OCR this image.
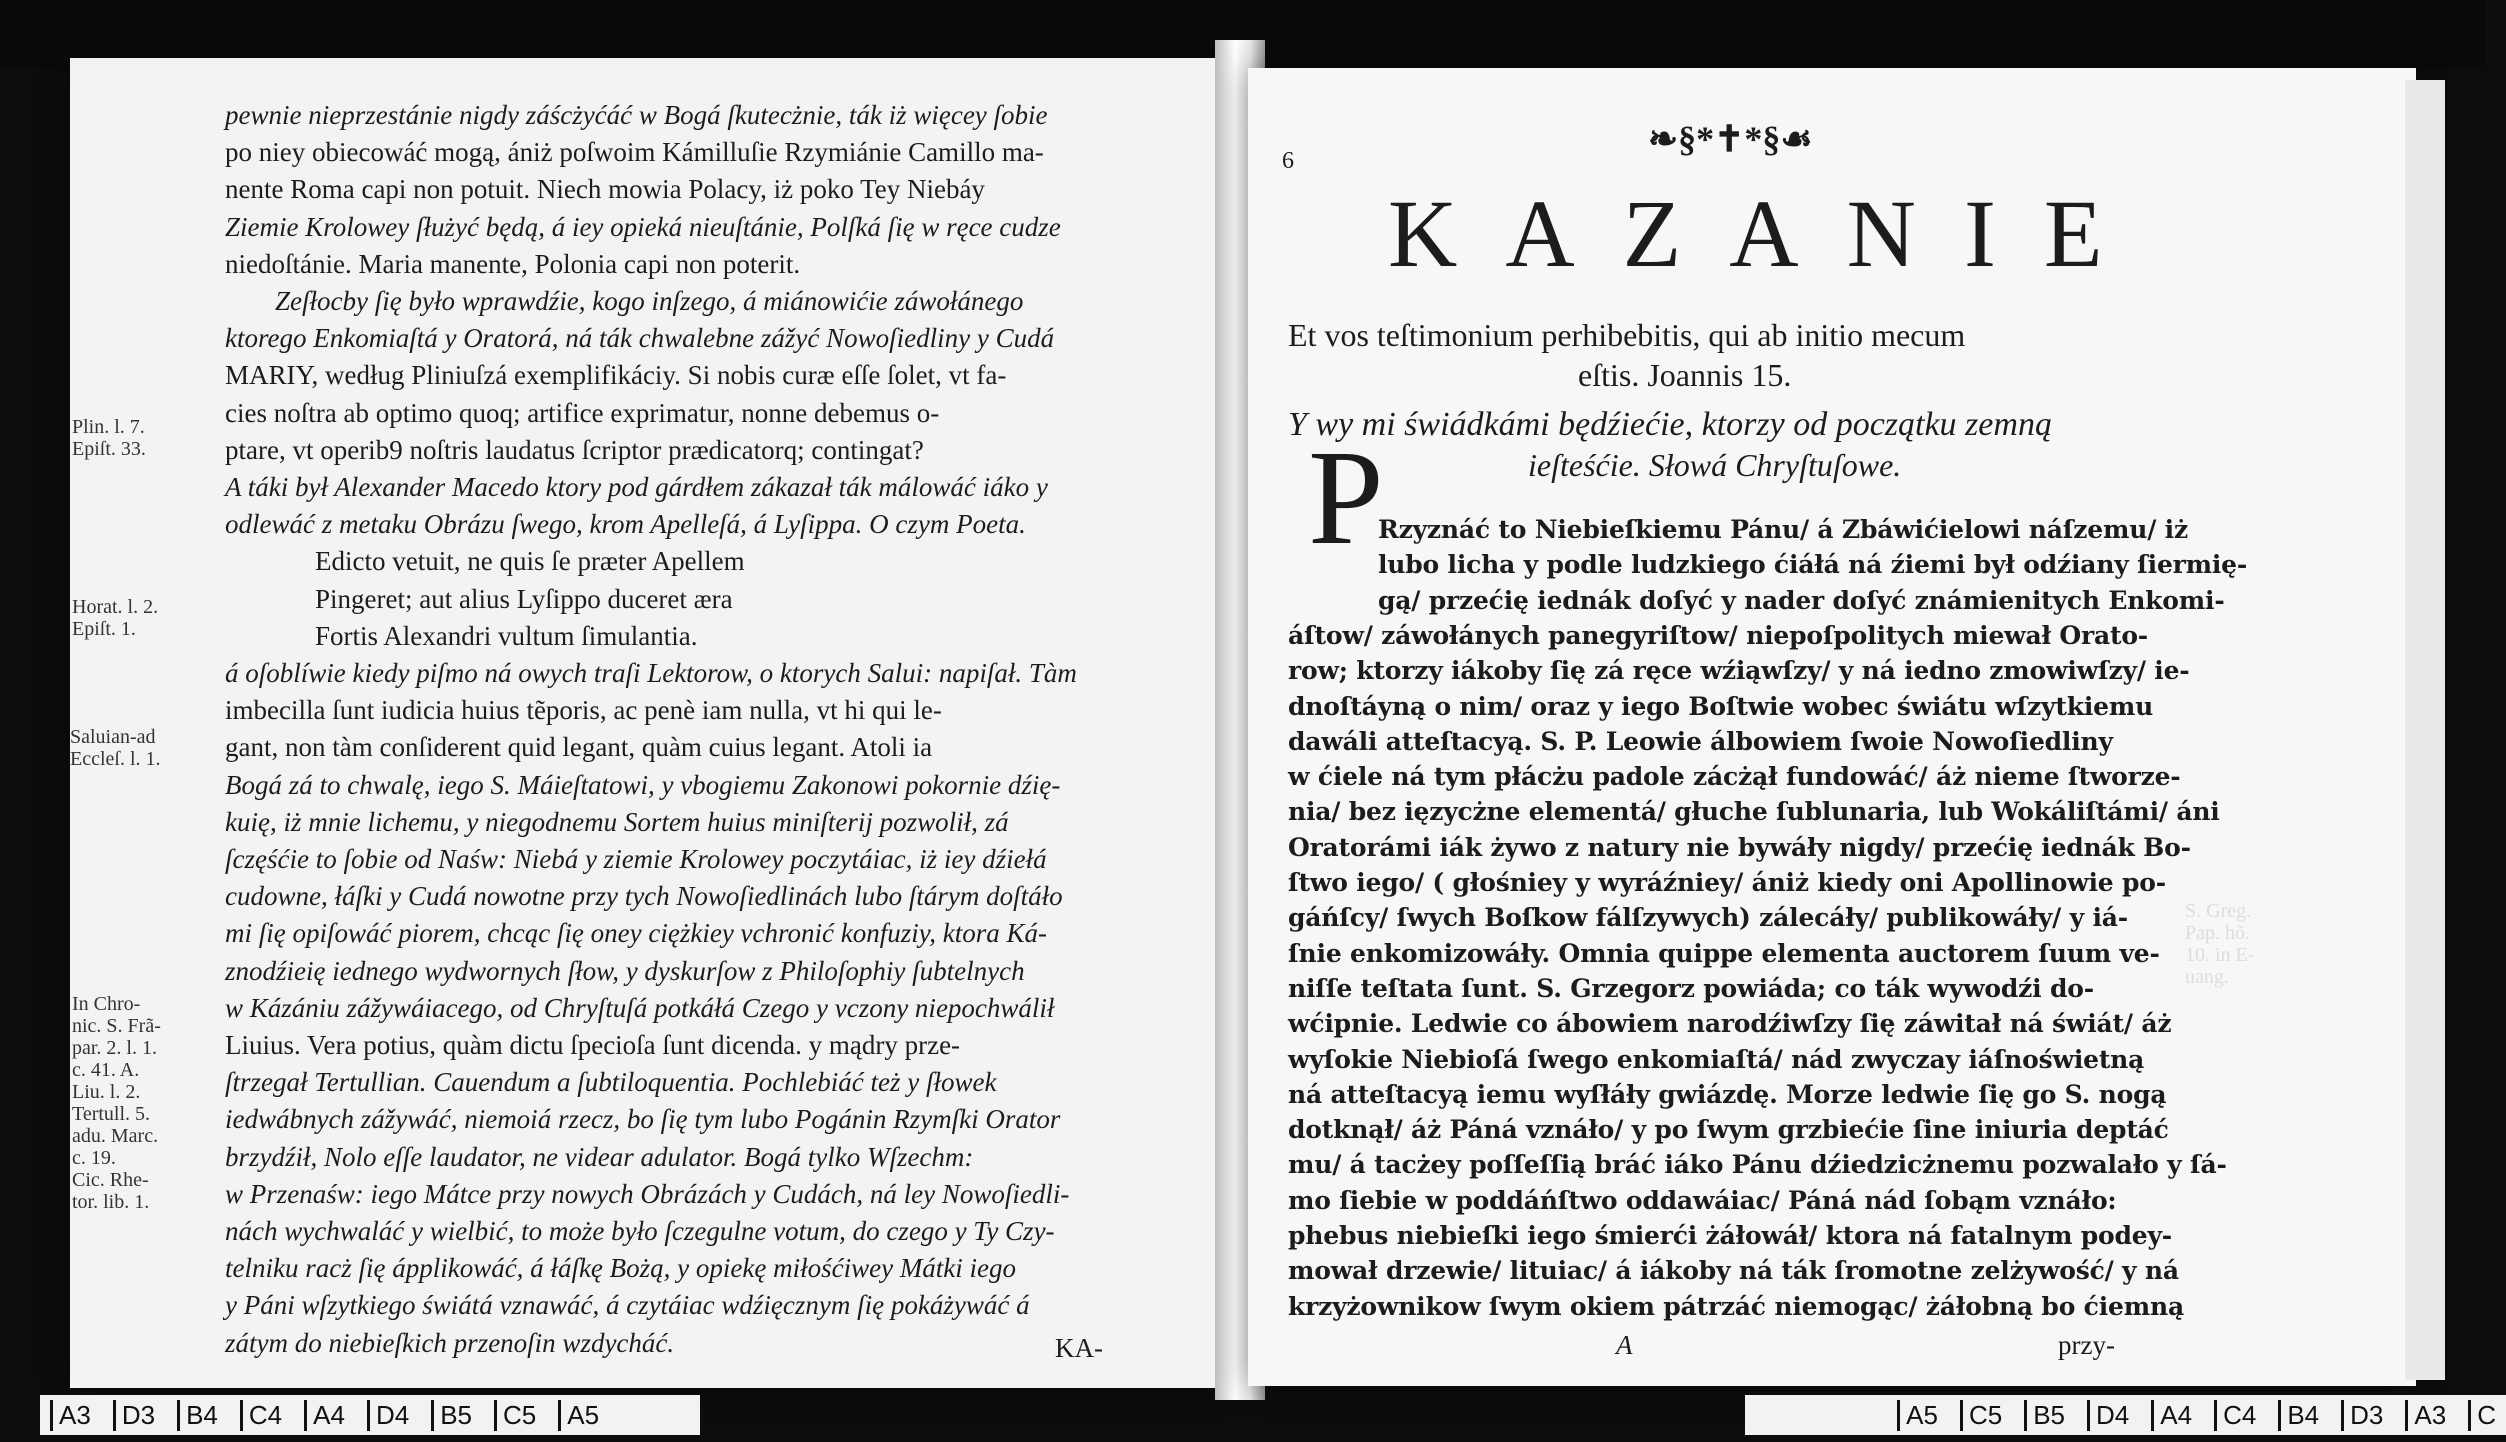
pewnie nieprzestánie nigdy záścżyćáć w Bogá ſkutecżnie, ták iż więcey ſobie
po niey obiecowáć mogą, ániż poſwoim Kámilluſie Rzymiánie Camillo ma-
nente Roma capi non potuit. Niech mowia Polacy, iż poko Tey Niebáy
Ziemie Krolowey ſłużyć będą, á iey opieká nieuſtánie, Polſká ſię w ręce cudze
niedoſtánie. Maria manente, Polonia capi non poterit.
Zeſłocby ſię było wprawdźie, kogo inſzego, á miánowićie záwołánego
ktorego Enkomiaſtá y Oratorá, ná ták chwalebne zážyć Nowoſiedliny y Cudá
MARIY, według Pliniuſzá exemplifikáciy. Si nobis curæ eſſe ſolet, vt fa-
cies noſtra ab optimo quoq; artifice exprimatur, nonne debemus o-
ptare, vt operib9 noſtris laudatus ſcriptor prædicatorq; contingat?
A táki był Alexander Macedo ktory pod gárdłem zákazał ták málowáć iáko y
odlewáć z metaku Obrázu ſwego, krom Apelleſá, á Lyſippa. O czym Poeta.
Edicto vetuit, ne quis ſe præter Apellem
Pingeret; aut alius Lyſippo duceret æra
Fortis Alexandri vultum ſimulantia.
á oſoblíwie kiedy piſmo ná owych traſi Lektorow, o ktorych Salui: napiſał. Tàm
imbecilla ſunt iudicia huius tẽporis, ac penè iam nulla, vt hi qui le-
gant, non tàm conſiderent quid legant, quàm cuius legant. Atoli ia
Bogá zá to chwalę, iego S. Máieſtatowi, y vbogiemu Zakonowi pokornie dźię-
kuię, iż mnie lichemu, y niegodnemu Sortem huius miniſterij pozwolił, zá
ſczęśćie to ſobie od Naśw: Niebá y ziemie Krolowey poczytáiac, iż iey dźiełá
cudowne, łáſki y Cudá nowotne przy tych Nowoſiedlinách lubo ſtárym doſtáło
mi ſię opiſowáć piorem, chcąc ſię oney ciężkiey vchronić konfuziy, ktora Ká-
znodźieię iednego wydwornych ſłow, y dyskurſow z Philoſophiy ſubtelnych
w Kázániu zážywáiacego, od Chryſtuſá potkáłá Czego y vczony niepochwálił
Liuius. Vera potius, quàm dictu ſpecioſa ſunt dicenda. y mądry prze-
ſtrzegał Tertullian. Cauendum a ſubtiloquentia. Pochlebiáć też y ſłowek
iedwábnych zážywáć, niemoiá rzecz, bo ſię tym lubo Pogánin Rzymſki Orator
brzydźił, Nolo eſſe laudator, ne videar adulator. Bogá tylko Wſzechm:
w Przenaśw: iego Mátce przy nowych Obrázách y Cudách, ná ley Nowoſiedli-
nách wychwaláć y wielbić, to może było ſczegulne votum, do czego y Ty Czy-
telniku racż ſię ápplikowáć, á łáſkę Bożą, y opiekę miłośćiwey Mátki iego
y Páni wſzytkiego świátá vznawáć, á czytáiac wdźięcznym ſię pokáżywáć á
zátym do niebieſkich przenoſin wzdycháć.
Plin. l. 7.
Epiſt. 33.
Horat. l. 2.
Epiſt. 1.
Saluian-ad
Eccleſ. l. 1.
In Chro-
nic. S. Frã-
par. 2. l. 1.
c. 41. A.
Liu. l. 2.
Tertull. 5.
adu. Marc.
c. 19.
Cic. Rhe-
tor. lib. 1.
KA-
6
❧§*✝*§☙
KAZANIE
Et vos teſtimonium perhibebitis, qui ab initio mecum
eſtis. Joannis 15.
Y wy mi świádkámi będźiećie, ktorzy od początku zemną
ieſteśćie. Słowá Chryſtuſowe.
P
Rzyznáć to Niebieſkiemu Pánu/ á Zbáwićielowi náſzemu/ iż
lubo licha y podle ludzkiego ćiáłá ná źiemi był odźiany ſiermię-
gą/ przećię iednák doſyć y nader doſyć známienitych Enkomi-
áſtow/ záwołánych panegyriſtow/ niepoſpolitych miewał Orato-
row; ktorzy iákoby ſię zá ręce wźiąwſzy/ y ná iedno zmowiwſzy/ ie-
dnoſtáyną o nim/ oraz y iego Boſtwie wobec świátu wſzytkiemu
dawáli atteſtacyą. S. P. Leowie álbowiem ſwoie Nowoſiedliny
w ćiele ná tym płácżu padole zácżął fundowáć/ áż nieme ſtworze-
nia/ bez ięzycżne elementá/ głuche ſublunaria, lub Wokáliſtámi/ áni
Oratorámi iák żywo z natury nie bywáły nigdy/ przećię iednák Bo-
ſtwo iego/ ( głośniey y wyráźniey/ ániż kiedy oni Apollinowie po-
gáńſcy/ ſwych Boſkow fálſzywych) zálecáły/ publikowáły/ y iá-
ſnie enkomizowáły. Omnia quippe elementa auctorem ſuum ve-
niſſe teſtata ſunt. S. Grzegorz powiáda; co ták wywodźi do-
wćipnie. Ledwie co ábowiem narodźiwſzy ſię záwitał ná świát/ áż
wyſokie Niebioſá ſwego enkomiaſtá/ nád zwyczay iáſnoświetną
ná atteſtacyą iemu wyſłáły gwiázdę. Morze ledwie ſię go S. nogą
dotknął/ áż Páná vznáło/ y po ſwym grzbiećie ſine iniuria deptáć
mu/ á tacżey poſſeſſią bráć iáko Pánu dźiedzicżnemu pozwalało y ſá-
mo ſiebie w poddáńſtwo oddawáiac/ Páná nád ſobąm vznáło:
phebus niebieſki iego śmierći żáłowáł/ ktora ná fatalnym podey-
mował drzewie/ lituiac/ á iákoby ná ták ſromotne zelżywość/ y ná
krzyżownikow ſwym okiem pátrzáć niemogąc/ żáłobną bo ćiemną
A	przy-
S. Greg.
Pap. hõ.
10. in E-
uang.
A3	D3	B4	C4	A4	D4	B5	C5	A5	A5	C5	B5	D4	A4	C4	B4	D3	A3	C
